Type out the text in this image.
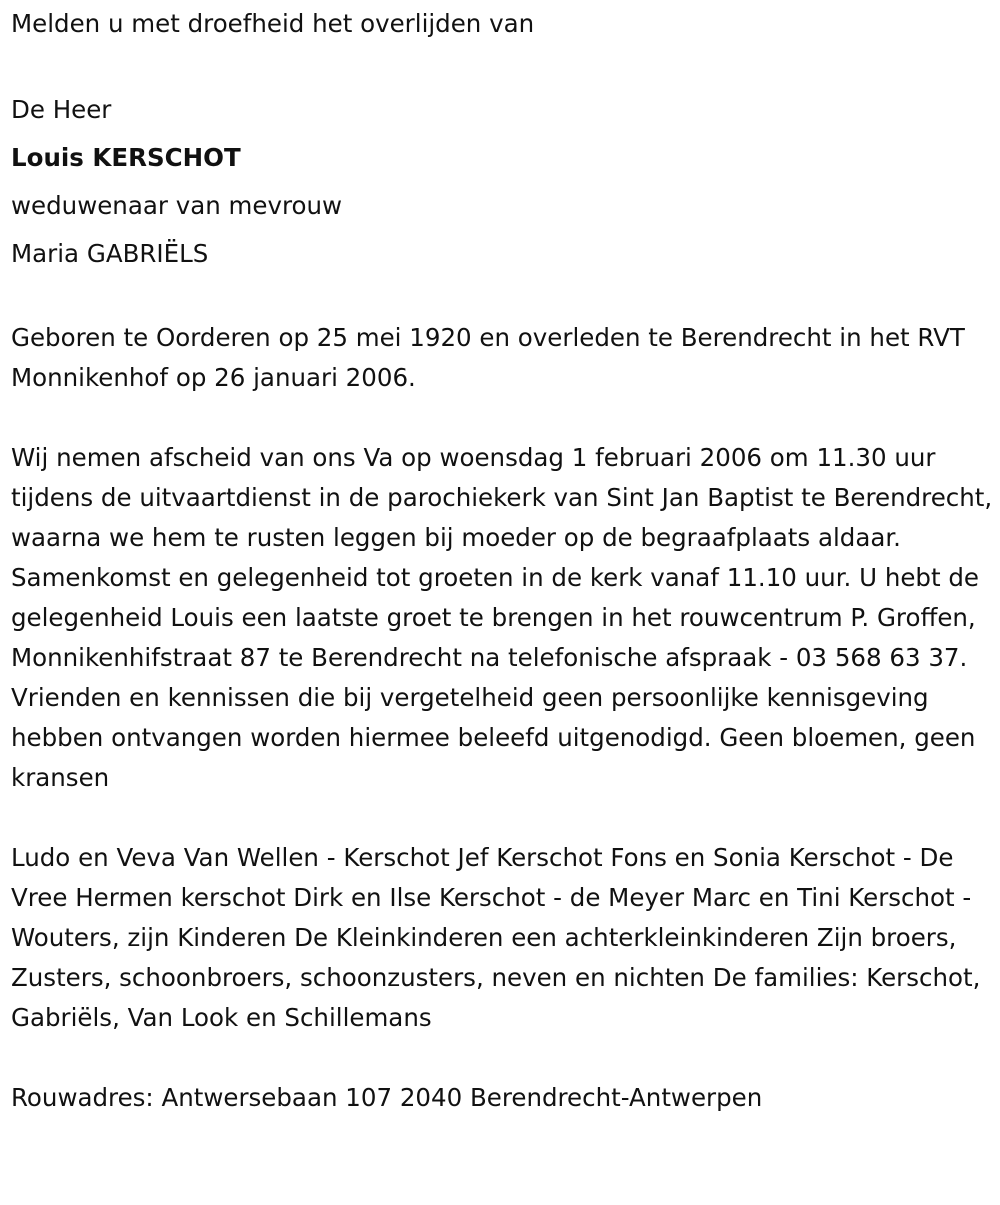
Melden u met droefheid het overlijden van

De Heer

Louis KERSCHOT

weduwenaar van mevrouw

Maria GABRIËLS

Geboren te Oorderen op 25 mei 1920 en overleden te Berendrecht in het RVT Monnikenhof op 26 januari 2006.

Wij nemen afscheid van ons Va op woensdag 1 februari 2006 om 11.30 uur tijdens de uitvaartdienst in de parochiekerk van Sint Jan Baptist te Berendrecht, waarna we hem te rusten leggen bij moeder op de begraafplaats aldaar. Samenkomst en gelegenheid tot groeten in de kerk vanaf 11.10 uur. U hebt de gelegenheid Louis een laatste groet te brengen in het rouwcentrum P. Groffen, Monnikenhifstraat 87 te Berendrecht na telefonische afspraak - 03 568 63 37. Vrienden en kennissen die bij vergetelheid geen persoonlijke kennisgeving hebben ontvangen worden hiermee beleefd uitgenodigd. Geen bloemen, geen kransen

Ludo en Veva Van Wellen - Kerschot Jef Kerschot Fons en Sonia Kerschot - De Vree Hermen kerschot Dirk en Ilse Kerschot - de Meyer Marc en Tini Kerschot - Wouters, zijn Kinderen De Kleinkinderen een achterkleinkinderen Zijn broers, Zusters, schoonbroers, schoonzusters, neven en nichten De families: Kerschot, Gabriëls, Van Look en Schillemans

Rouwadres: Antwersebaan 107 2040 Berendrecht-Antwerpen
